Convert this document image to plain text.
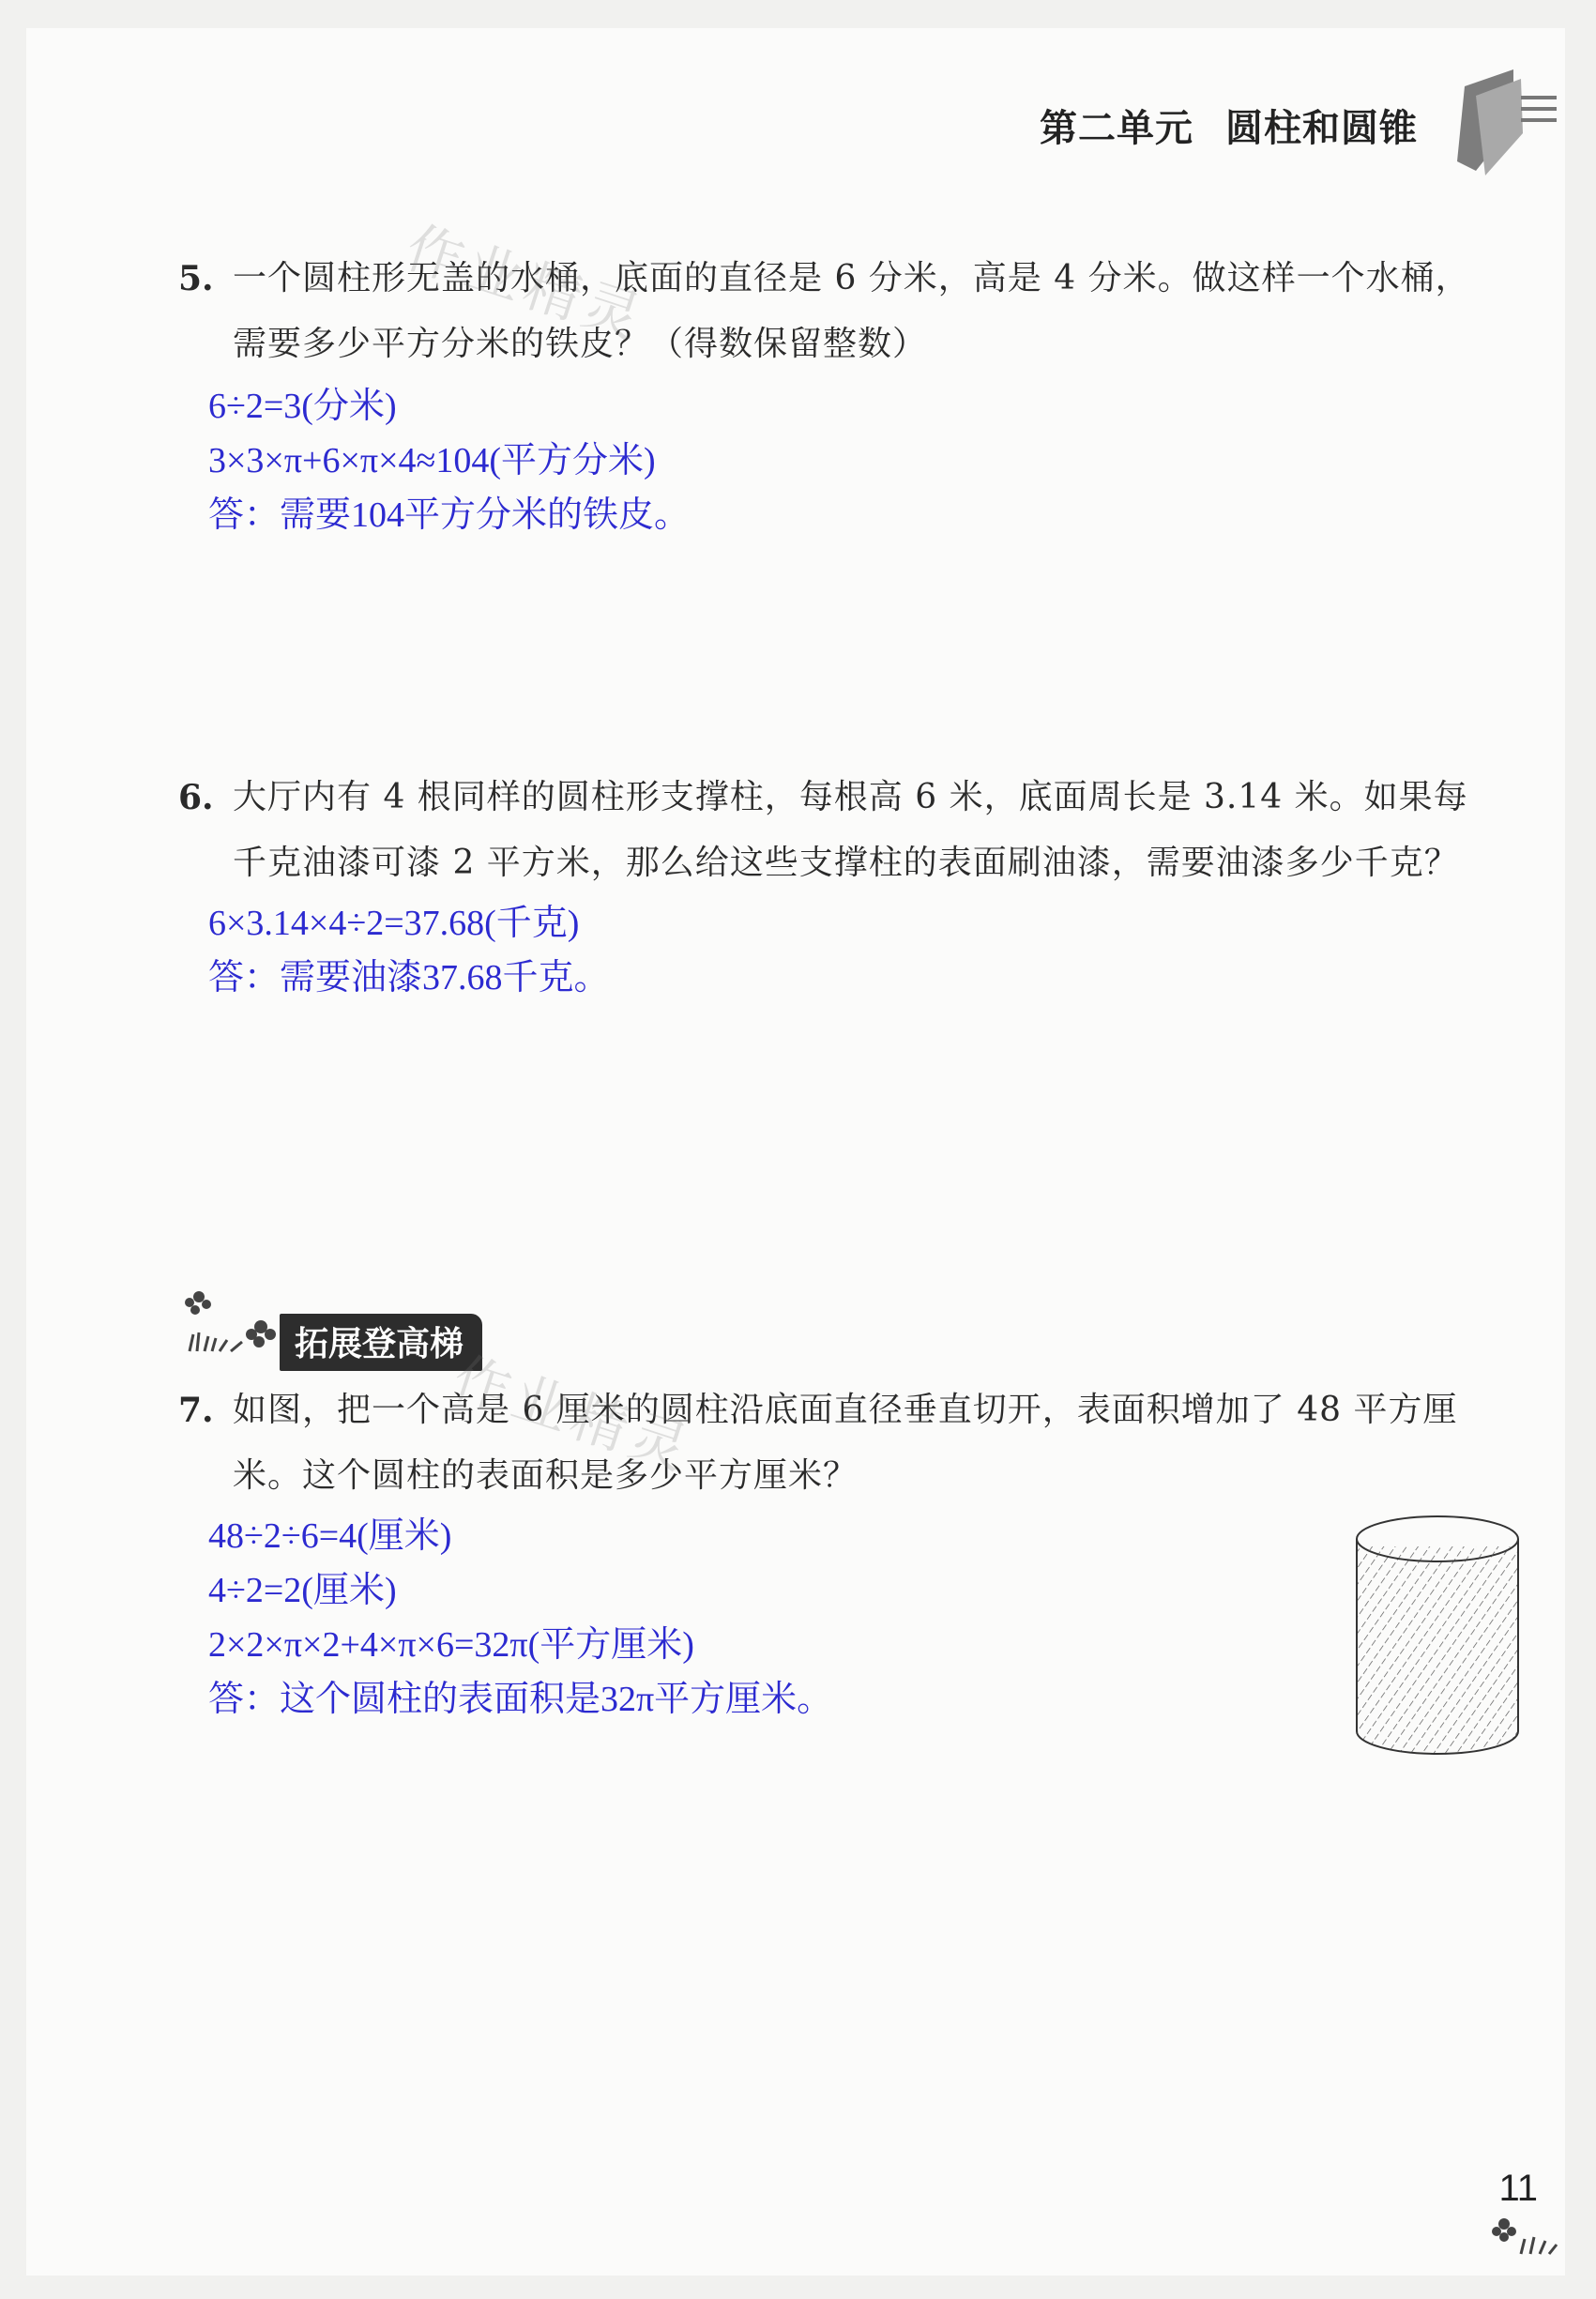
第二单元 圆柱和圆锥
5. 一个圆柱形无盖的水桶，底面的直径是 6 分米，高是 4 分米。做这样一个水桶，
需要多少平方分米的铁皮？（得数保留整数）
6÷2=3(分米)
3×3×π+6×π×4≈104(平方分米)
答：需要104平方分米的铁皮。
6. 大厅内有 4 根同样的圆柱形支撑柱，每根高 6 米，底面周长是 3.14 米。如果每
千克油漆可漆 2 平方米，那么给这些支撑柱的表面刷油漆，需要油漆多少千克？
6×3.14×4÷2=37.68(千克)
答：需要油漆37.68千克。
拓展登高梯
7. 如图，把一个高是 6 厘米的圆柱沿底面直径垂直切开，表面积增加了 48 平方厘
米。这个圆柱的表面积是多少平方厘米？
48÷2÷6=4(厘米)
4÷2=2(厘米)
2×2×π×2+4×π×6=32π(平方厘米)
答：这个圆柱的表面积是32π平方厘米。
作业精灵
作业精灵
11
